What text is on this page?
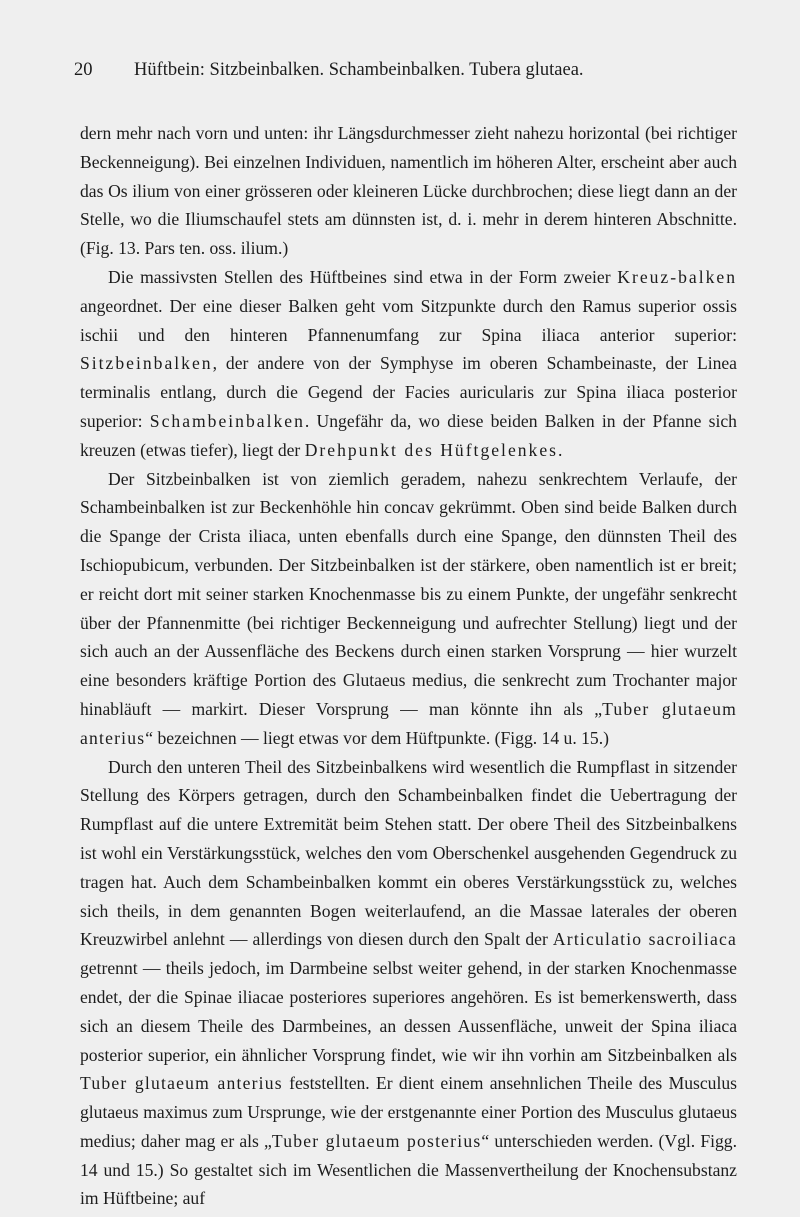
20 Hüftbein: Sitzbeinbalken. Schambeinbalken. Tubera glutaea.

dern mehr nach vorn und unten: ihr Längsdurchmesser zieht nahezu horizontal (bei richtiger Beckenneigung). Bei einzelnen Individuen, namentlich im höheren Alter, erscheint aber auch das Os ilium von einer grösseren oder kleineren Lücke durchbrochen; diese liegt dann an der Stelle, wo die Iliumschaufel stets am dünnsten ist, d. i. mehr in derem hinteren Abschnitte. (Fig. 13. Pars ten. oss. ilium.)

Die massivsten Stellen des Hüftbeines sind etwa in der Form zweier Kreuz-balken angeordnet. Der eine dieser Balken geht vom Sitzpunkte durch den Ramus superior ossis ischii und den hinteren Pfannenumfang zur Spina iliaca anterior superior: Sitzbeinbalken, der andere von der Symphyse im oberen Schambeinaste, der Linea terminalis entlang, durch die Gegend der Facies auricularis zur Spina iliaca posterior superior: Schambeinbalken. Ungefähr da, wo diese beiden Balken in der Pfanne sich kreuzen (etwas tiefer), liegt der Drehpunkt des Hüftgelenkes.

Der Sitzbeinbalken ist von ziemlich geradem, nahezu senkrechtem Verlaufe, der Schambeinbalken ist zur Beckenhöhle hin concav gekrümmt. Oben sind beide Balken durch die Spange der Crista iliaca, unten ebenfalls durch eine Spange, den dünnsten Theil des Ischiopubicum, verbunden. Der Sitzbeinbalken ist der stärkere, oben namentlich ist er breit; er reicht dort mit seiner starken Knochenmasse bis zu einem Punkte, der ungefähr senkrecht über der Pfannenmitte (bei richtiger Beckenneigung und aufrechter Stellung) liegt und der sich auch an der Aussenfläche des Beckens durch einen starken Vorsprung — hier wurzelt eine besonders kräftige Portion des Glutaeus medius, die senkrecht zum Trochanter major hinabläuft — markirt. Dieser Vorsprung — man könnte ihn als „Tuber glutaeum anterius“ bezeichnen — liegt etwas vor dem Hüftpunkte. (Figg. 14 u. 15.)

Durch den unteren Theil des Sitzbeinbalkens wird wesentlich die Rumpflast in sitzender Stellung des Körpers getragen, durch den Schambeinbalken findet die Uebertragung der Rumpflast auf die untere Extremität beim Stehen statt. Der obere Theil des Sitzbeinbalkens ist wohl ein Verstärkungsstück, welches den vom Oberschenkel ausgehenden Gegendruck zu tragen hat. Auch dem Schambeinbalken kommt ein oberes Verstärkungsstück zu, welches sich theils, in dem genannten Bogen weiterlaufend, an die Massae laterales der oberen Kreuzwirbel anlehnt — allerdings von diesen durch den Spalt der Articulatio sacroiliaca getrennt — theils jedoch, im Darmbeine selbst weiter gehend, in der starken Knochenmasse endet, der die Spinae iliacae posteriores superiores angehören. Es ist bemerkenswerth, dass sich an diesem Theile des Darmbeines, an dessen Aussenfläche, unweit der Spina iliaca posterior superior, ein ähnlicher Vorsprung findet, wie wir ihn vorhin am Sitzbeinbalken als Tuber glutaeum anterius feststellten. Er dient einem ansehnlichen Theile des Musculus glutaeus maximus zum Ursprunge, wie der erstgenannte einer Portion des Musculus glutaeus medius; daher mag er als „Tuber glutaeum posterius“ unterschieden werden. (Vgl. Figg. 14 und 15.) So gestaltet sich im Wesentlichen die Massenvertheilung der Knochensubstanz im Hüftbeine; auf
